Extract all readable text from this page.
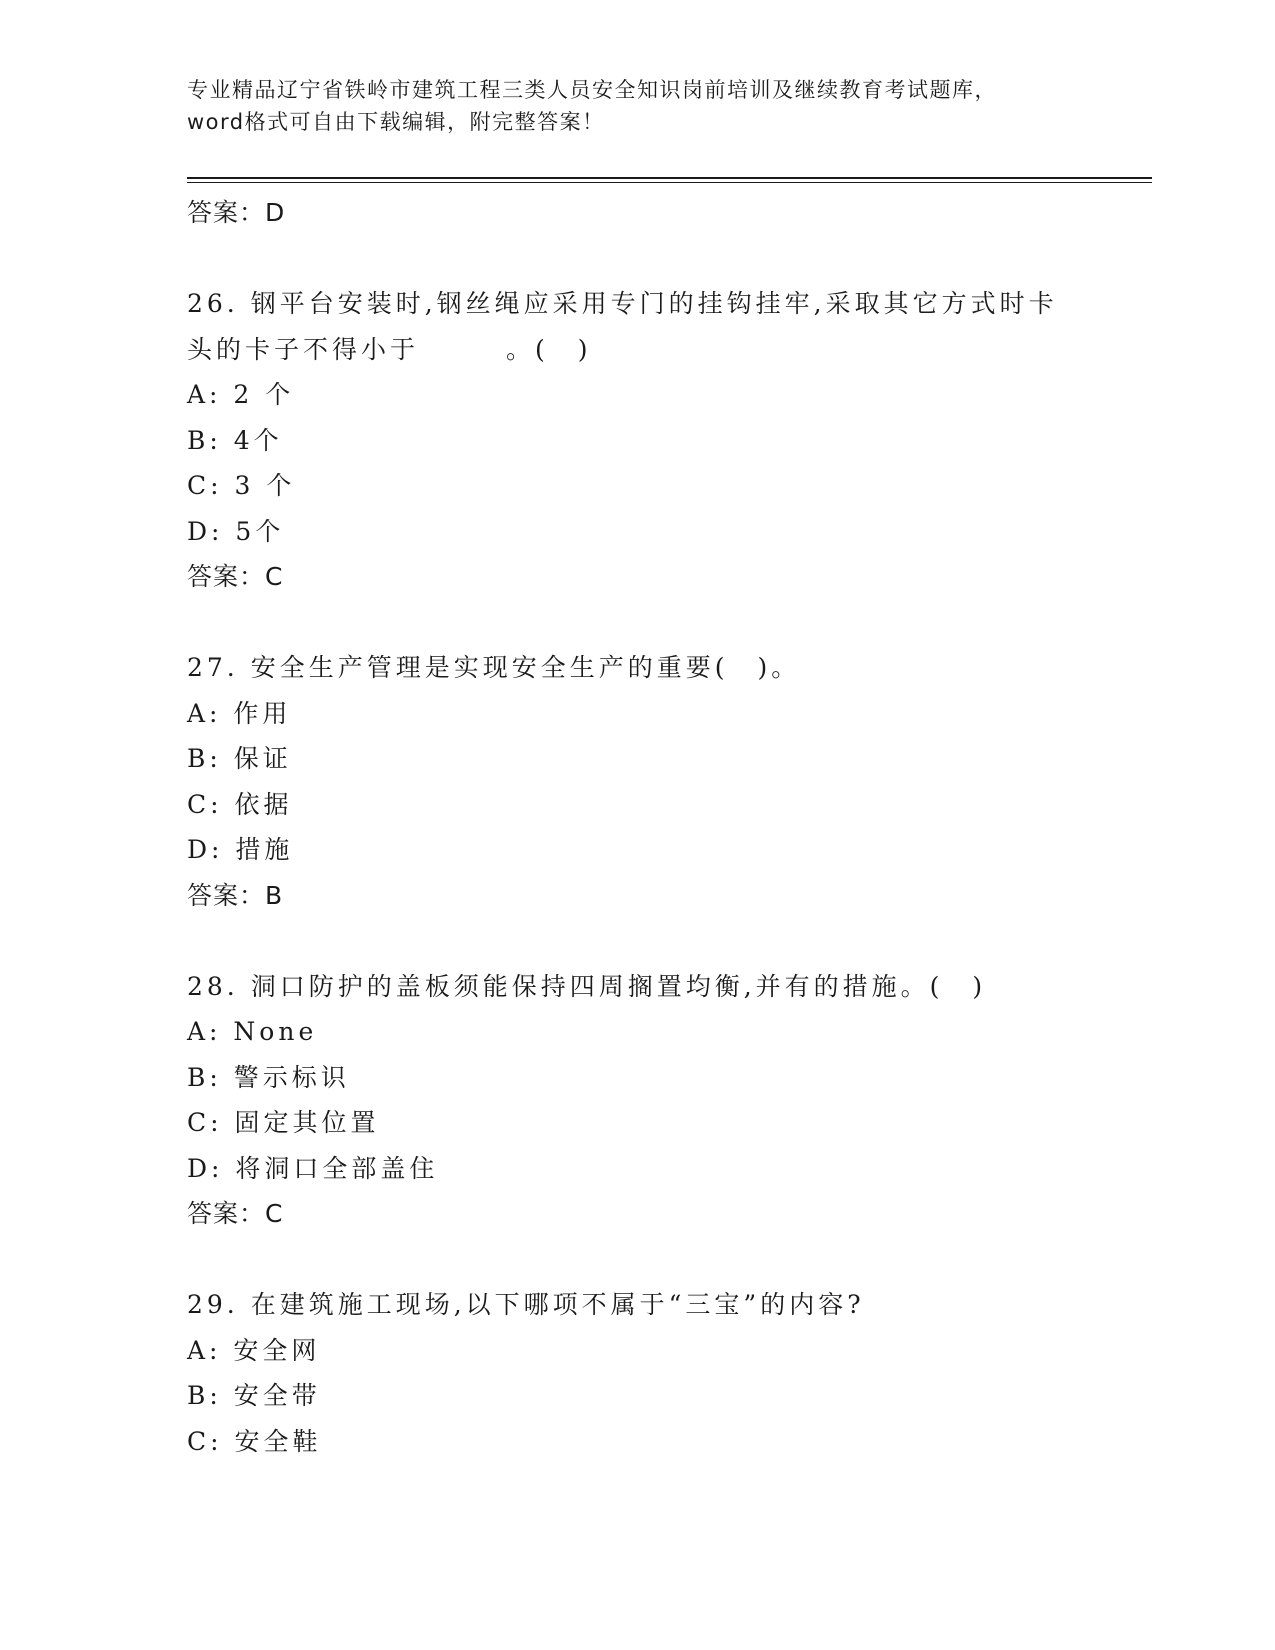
专业精品辽宁省铁岭市建筑工程三类人员安全知识岗前培训及继续教育考试题库，
word格式可自由下载编辑，附完整答案！
答案：D
26. 钢平台安装时,钢丝绳应采用专门的挂钩挂牢,采取其它方式时卡
头的卡子不得小于　　　。(　)
A: 2 个
B: 4个
C: 3 个
D: 5个
答案：C
27. 安全生产管理是实现安全生产的重要(　)。
A: 作用
B: 保证
C: 依据
D: 措施
答案：B
28. 洞口防护的盖板须能保持四周搁置均衡,并有的措施。(　)
A: None
B: 警示标识
C: 固定其位置
D: 将洞口全部盖住
答案：C
29. 在建筑施工现场,以下哪项不属于“三宝”的内容?
A: 安全网
B: 安全带
C: 安全鞋
